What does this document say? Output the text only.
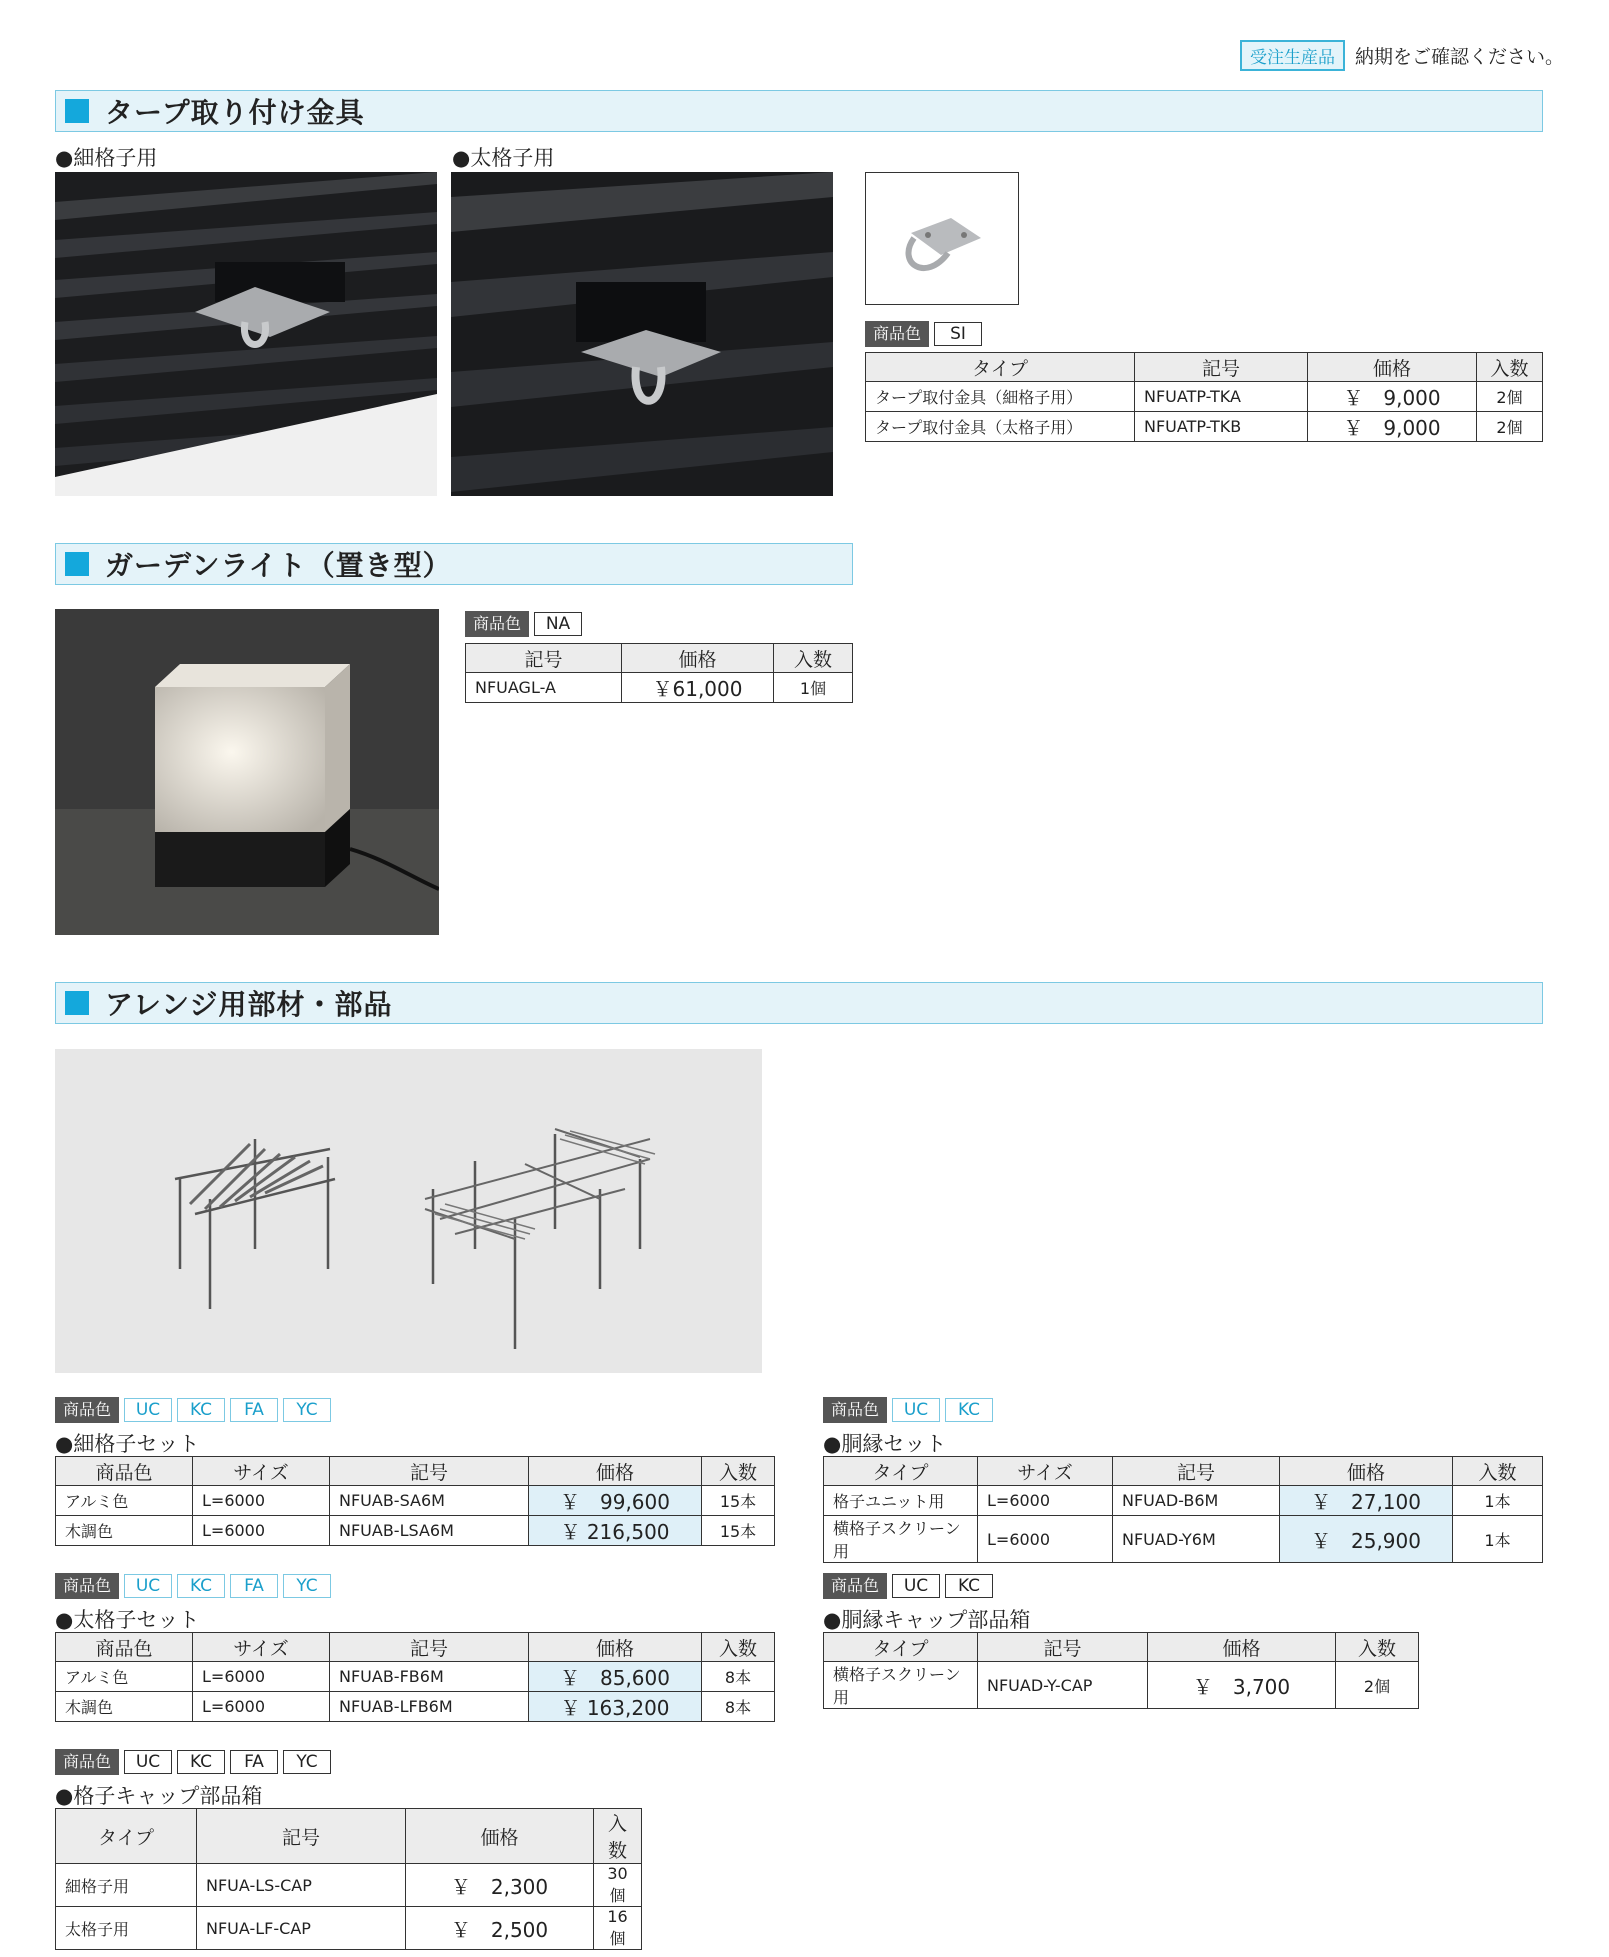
受注生産品	納期をご確認ください。
タープ取り付け金具
●細格子用	●太格子用
商品色	SI
タイプ	記号	価格	入数
タープ取付金具（細格子用）	NFUATP-TKA	￥　9,000	2個
タープ取付金具（太格子用）	NFUATP-TKB	￥　9,000	2個
ガーデンライト（置き型）
商品色	NA
記号	価格	入数
NFUAGL-A	￥61,000	1個
アレンジ用部材・部品
商品色	UC	KC	FA	YC
●細格子セット
商品色	サイズ	記号	価格	入数
アルミ色	L=6000	NFUAB-SA6M	￥　99,600	15本
木調色	L=6000	NFUAB-LSA6M	￥ 216,500	15本
商品色	UC	KC	FA	YC
●太格子セット
商品色	サイズ	記号	価格	入数
アルミ色	L=6000	NFUAB-FB6M	￥　85,600	8本
木調色	L=6000	NFUAB-LFB6M	￥ 163,200	8本
商品色	UC	KC	FA	YC
●格子キャップ部品箱
タイプ	記号	価格	入数
細格子用	NFUA-LS-CAP	￥　2,300	30個
太格子用	NFUA-LF-CAP	￥　2,500	16個
商品色	UC	KC
●胴縁セット
タイプ	サイズ	記号	価格	入数
格子ユニット用	L=6000	NFUAD-B6M	￥　27,100	1本
横格子スクリーン用	L=6000	NFUAD-Y6M	￥　25,900	1本
商品色	UC	KC
●胴縁キャップ部品箱
タイプ	記号	価格	入数
横格子スクリーン用	NFUAD-Y-CAP	￥　3,700	2個
